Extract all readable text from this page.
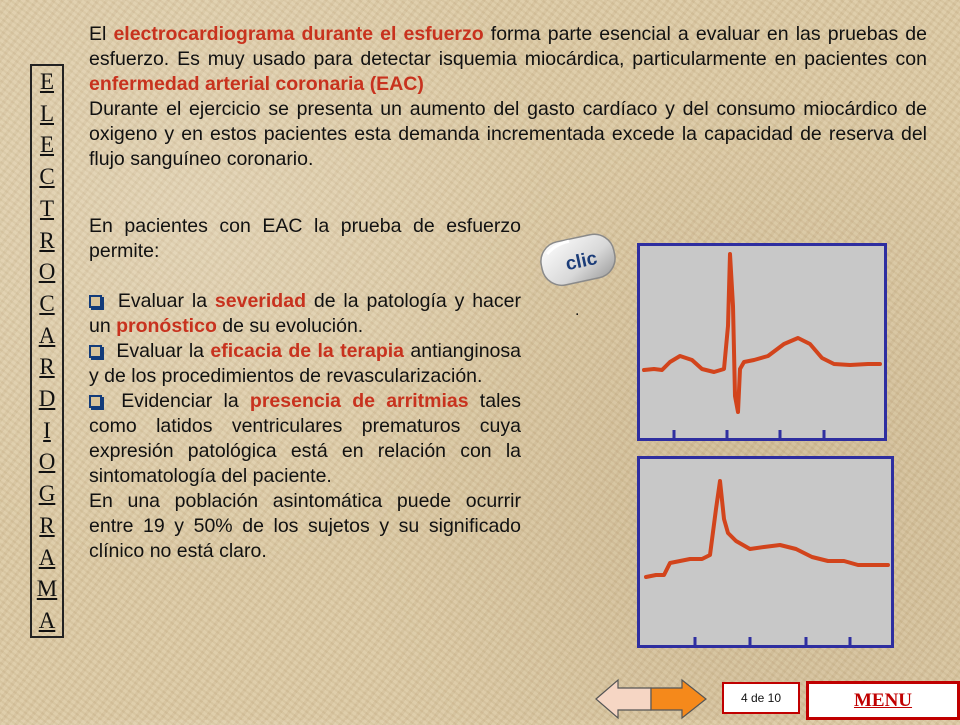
E
L
E
C
T
R
O
C
A
R
D
I
O
G
R
A
M
A
El electrocardiograma durante el esfuerzo forma parte esencial a evaluar en las pruebas de esfuerzo. Es muy usado para detectar isquemia miocárdica, particularmente en pacientes con enfermedad arterial coronaria (EAC)
Durante el ejercicio se presenta un aumento del gasto cardíaco y del consumo miocárdico de oxigeno y en estos pacientes esta demanda incrementada excede la capacidad de reserva del flujo sanguíneo coronario.

En pacientes con EAC la prueba de esfuerzo permite:

Evaluar la severidad de la patología y hacer un pronóstico de su evolución.

Evaluar la eficacia de la terapia antianginosa y de los procedimientos de revascularización.

Evidenciar la presencia de arritmias tales como latidos ventriculares prematuros cuya expresión patológica está en relación con la sintomatología del paciente.

En una población asintomática puede ocurrir entre 19 y 50% de los sujetos y su significado clínico no está claro.

clic
.
4 de 10	MENU
